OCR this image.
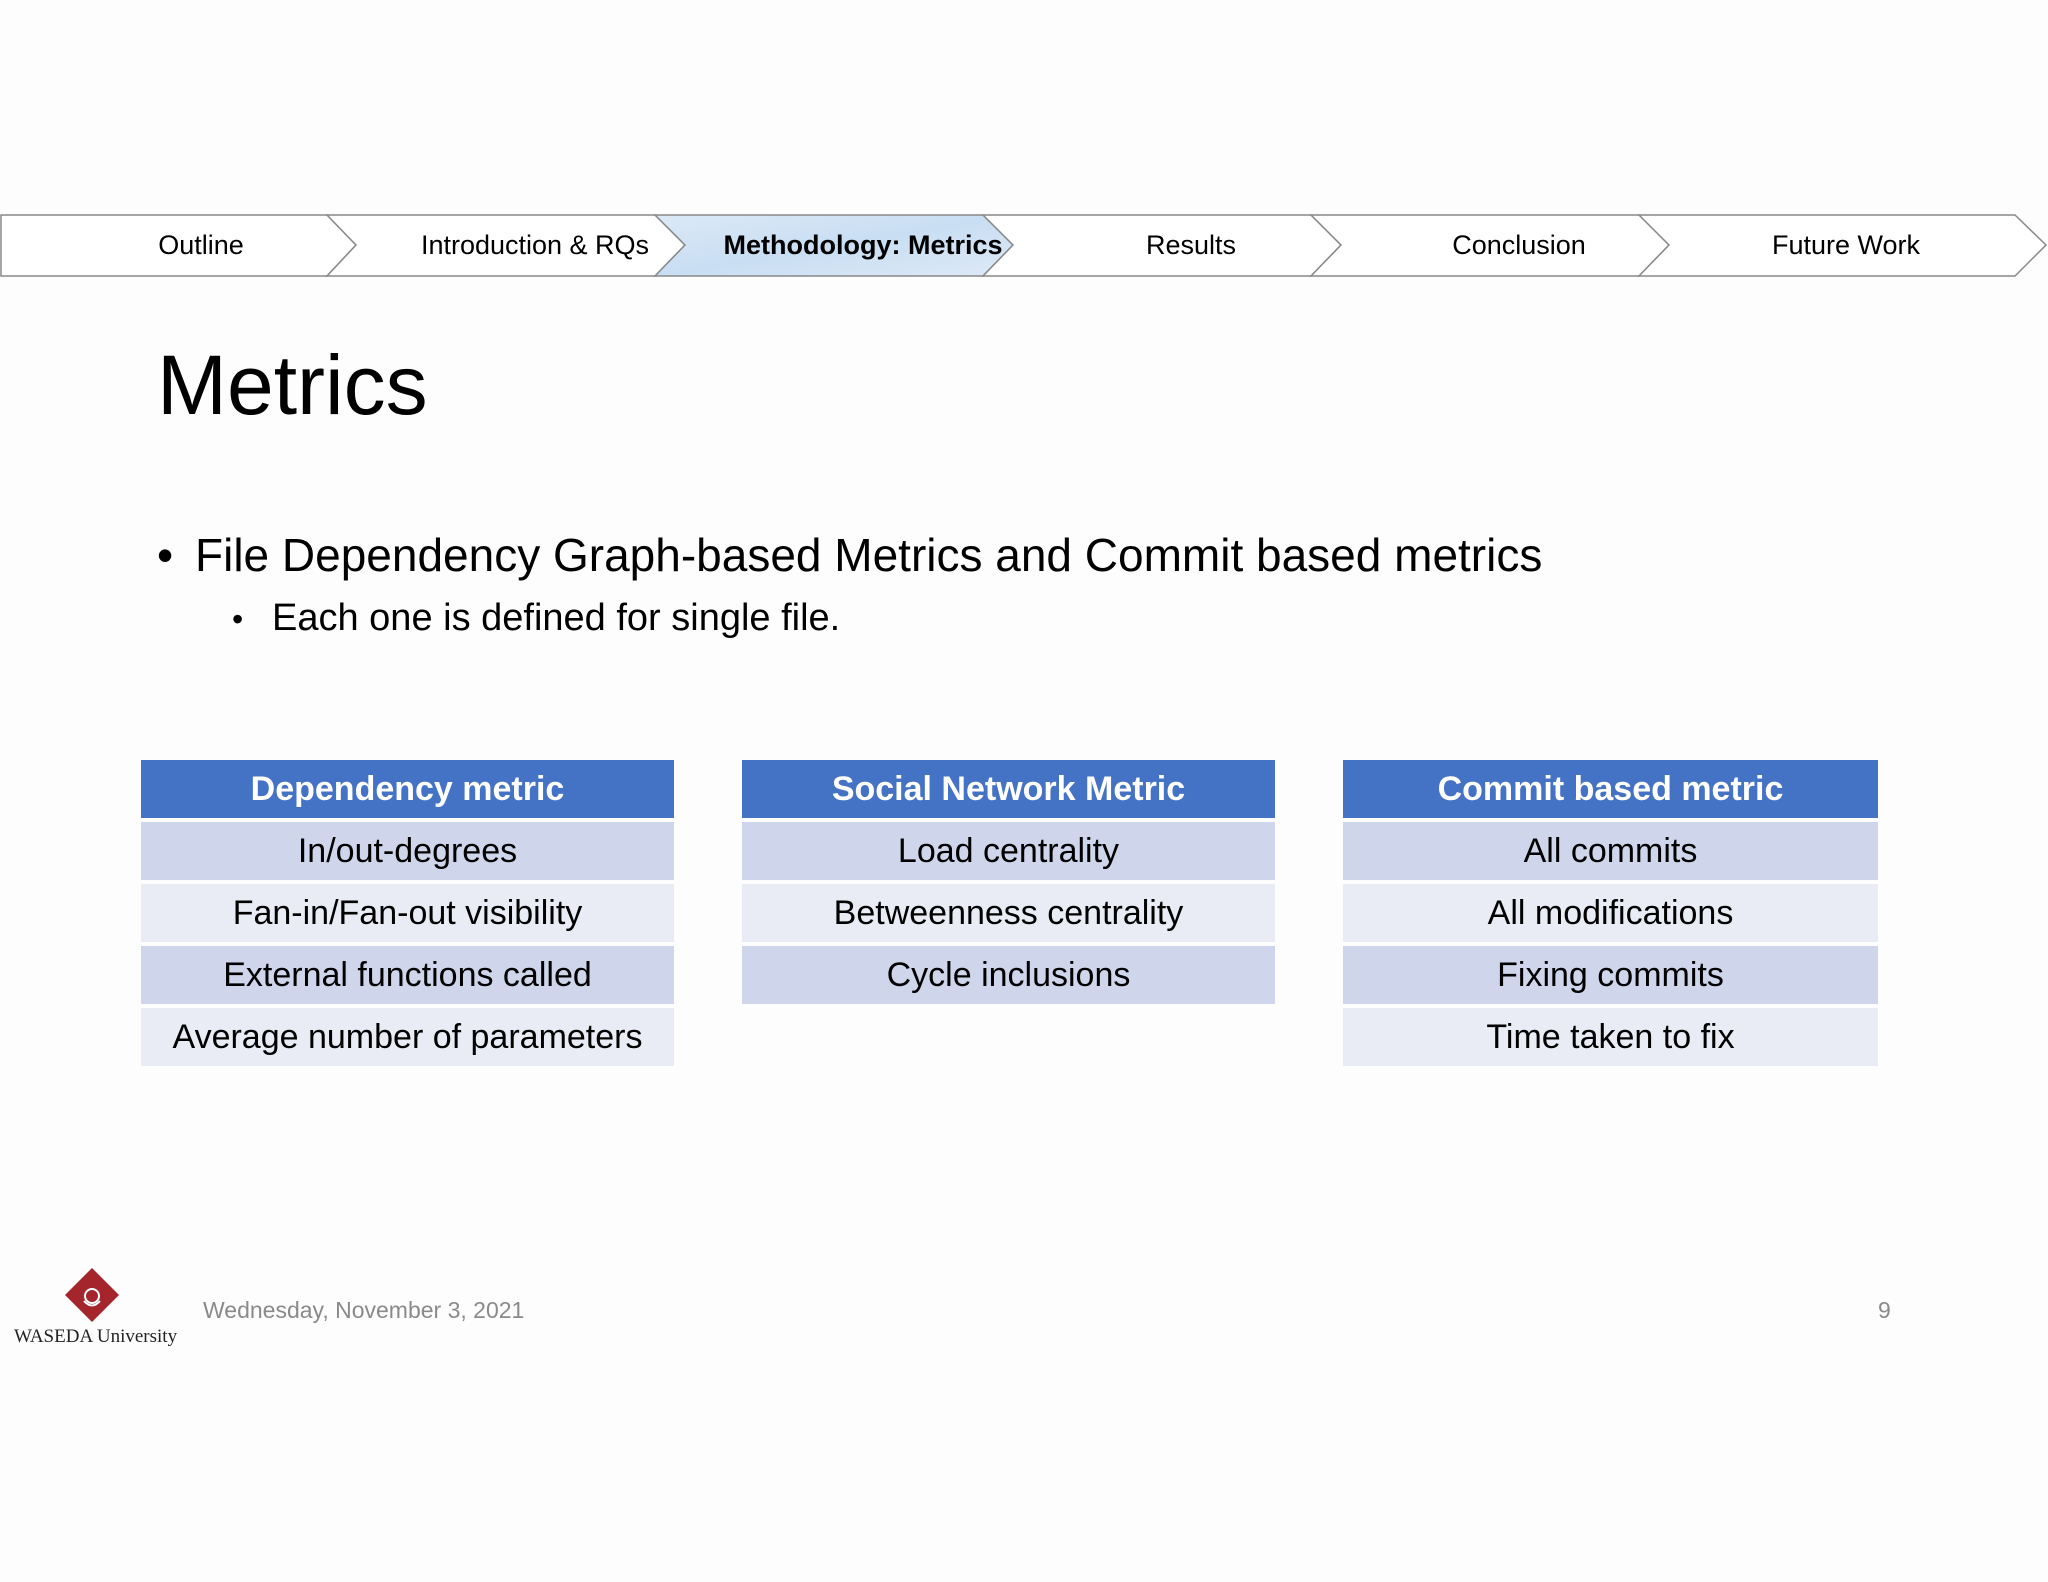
Outline	Introduction & RQs	Methodology: Metrics	Results	Conclusion	Future Work
Metrics
• File Dependency Graph-based Metrics and Commit based metrics
• Each one is defined for single file.
Dependency metric
In/out-degrees
Fan-in/Fan-out visibility
External functions called
Average number of parameters
Social Network Metric
Load centrality
Betweenness centrality
Cycle inclusions
Commit based metric
All commits
All modifications
Fixing commits
Time taken to fix
WASEDA University
Wednesday, November 3, 2021	9
